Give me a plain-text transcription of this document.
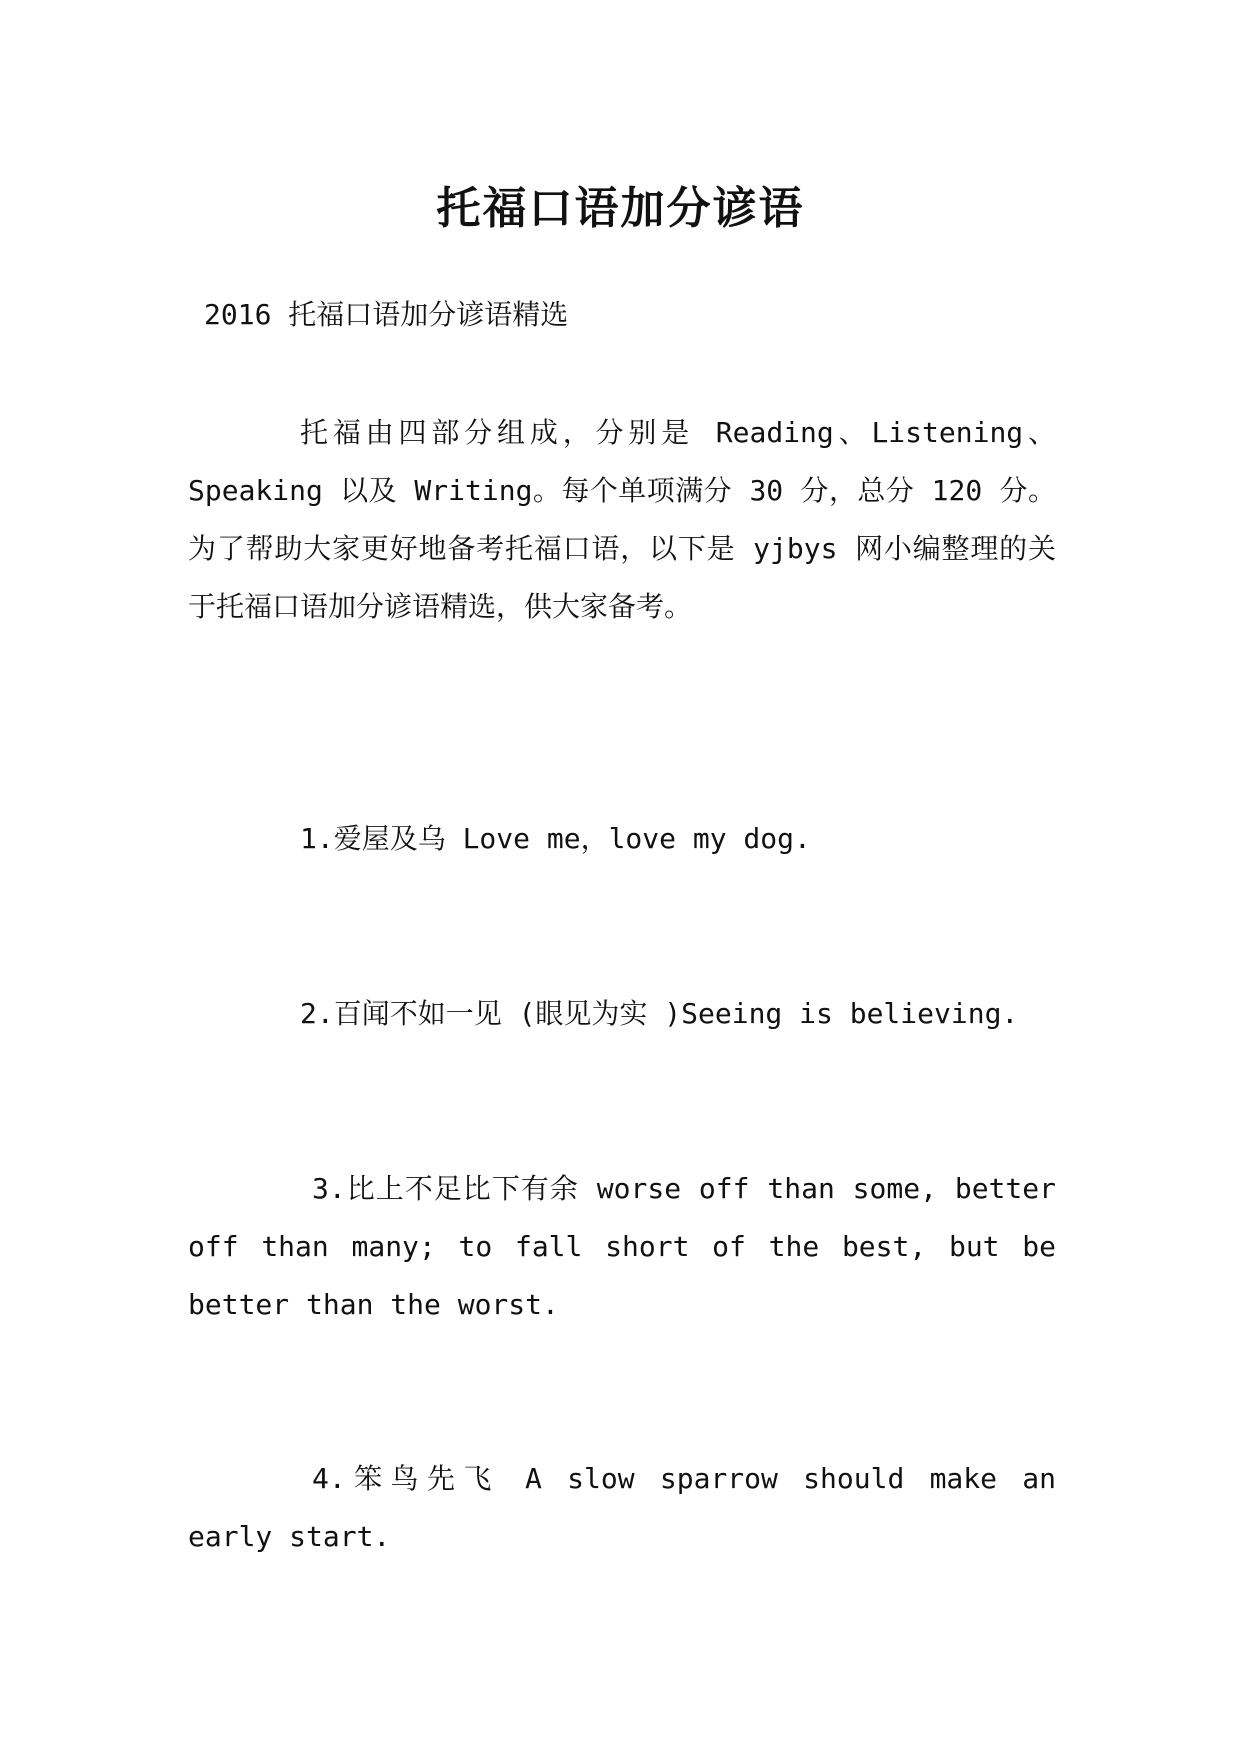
托福口语加分谚语

2016 托福口语加分谚语精选

托福由四部分组成，分别是 Reading、Listening、Speaking 以及 Writing。每个单项满分 30 分，总分 120 分。为了帮助大家更好地备考托福口语，以下是 yjbys 网小编整理的关于托福口语加分谚语精选，供大家备考。

1.爱屋及乌 Love me，love my dog.

2.百闻不如一见 (眼见为实 )Seeing is believing.

3.比上不足比下有余 worse off than some, better off than many; to fall short of the best, but be better than the worst.

4.笨鸟先飞 A slow sparrow should make an early start.
